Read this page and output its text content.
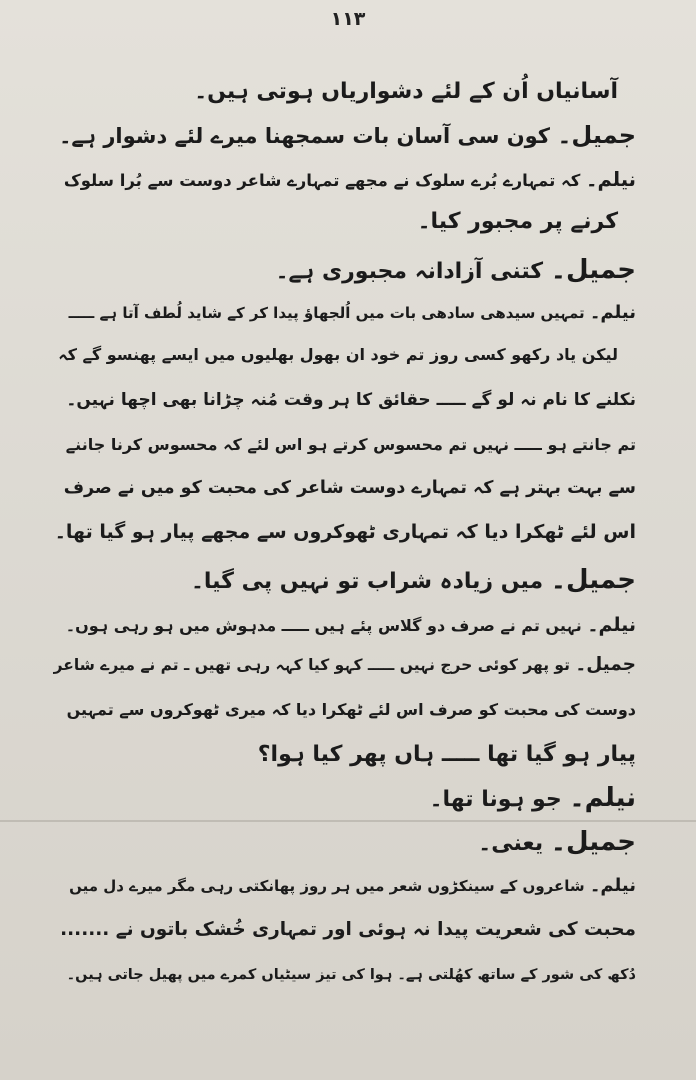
١١٣
آسانیاں اُن کے لئے دشواریاں ہوتی ہیں۔
جمیل۔ کون سی آسان بات سمجھنا میرے لئے دشوار ہے۔
نیلم۔ کہ تمہارے بُرے سلوک نے مجھے تمہارے شاعر دوست سے بُرا سلوک
کرنے پر مجبور کیا۔
جمیل۔ کتنی آزادانہ مجبوری ہے۔
نیلم۔ تمہیں سیدھی سادھی بات میں اُلجھاؤ پیدا کر کے شاید لُطف آتا ہے ـــــ
لیکن یاد رکھو کسی روز تم خود ان بھول بھلیوں میں ایسے پھنسو گے کہ
نکلنے کا نام نہ لو گے ـــــ حقائق کا ہر وقت مُنہ چڑانا بھی اچھا نہیں۔
تم جانتے ہو ـــــ نہیں تم محسوس کرتے ہو اس لئے کہ محسوس کرنا جاننے
سے بہت بہتر ہے کہ تمہارے دوست شاعر کی محبت کو میں نے صرف
اس لئے ٹھکرا دیا کہ تمہاری ٹھوکروں سے مجھے پیار ہو گیا تھا۔
جمیل۔ میں زیادہ شراب تو نہیں پی گیا۔
نیلم۔ نہیں تم نے صرف دو گلاس پئے ہیں ـــــ مدہوش میں ہو رہی ہوں۔
جمیل۔ تو پھر کوئی حرج نہیں ـــــ کہو کیا کہہ رہی تھیں ـ تم نے میرے شاعر
دوست کی محبت کو صرف اس لئے ٹھکرا دیا کہ میری ٹھوکروں سے تمہیں
پیار ہو گیا تھا ـــــ ہاں پھر کیا ہوا؟
نیلم۔ جو ہونا تھا۔
جمیل۔ یعنی۔
نیلم۔ شاعروں کے سینکڑوں شعر میں ہر روز پھانکتی رہی مگر میرے دل میں
محبت کی شعریت پیدا نہ ہوئی اور تمہاری خُشک باتوں نے .......
دُکھ کی شور کے ساتھ کھُلتی ہے۔ ہوا کی تیز سیٹیاں کمرے میں پھیل جاتی ہیں۔
